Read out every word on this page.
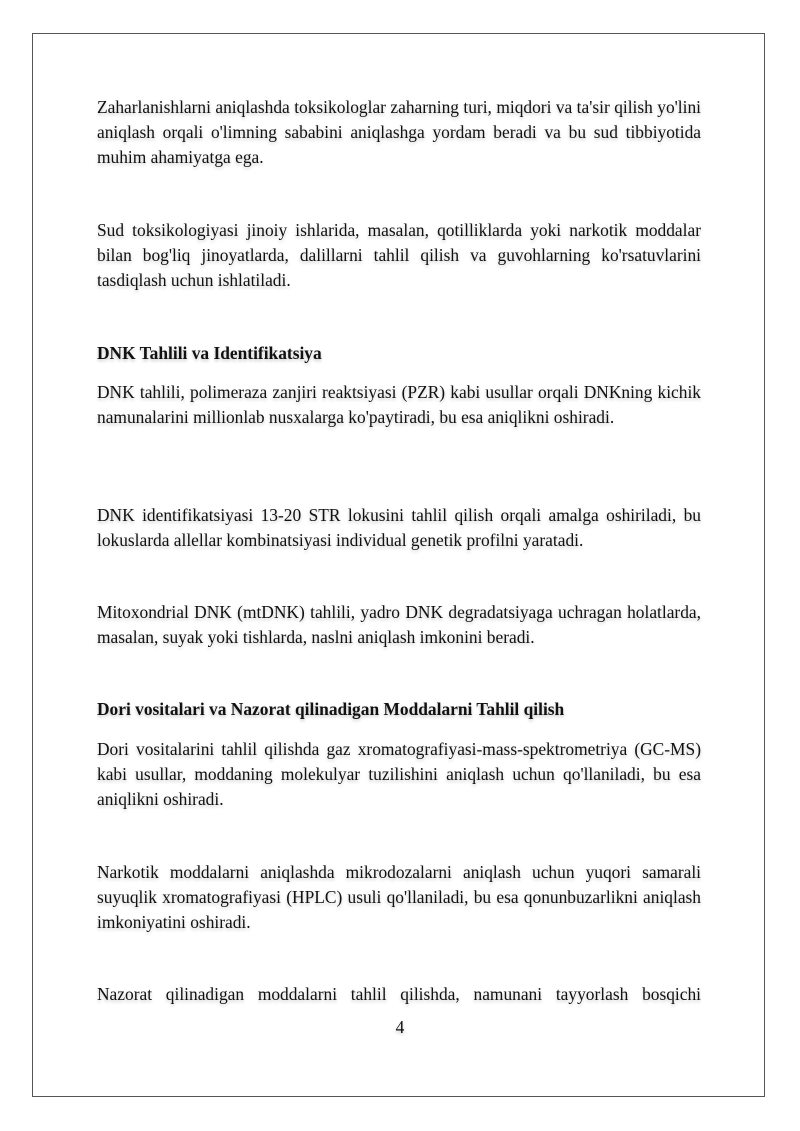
Zaharlanishlarni aniqlashda toksikologlar zaharning turi, miqdori va ta'sir qilish yo'lini aniqlash orqali o'limning sababini aniqlashga yordam beradi va bu sud tibbiyotida muhim ahamiyatga ega.

Sud toksikologiyasi jinoiy ishlarida, masalan, qotilliklarda yoki narkotik moddalar bilan bog'liq jinoyatlarda, dalillarni tahlil qilish va guvohlarning ko'rsatuvlarini tasdiqlash uchun ishlatiladi.

DNK Tahlili va Identifikatsiya

DNK tahlili, polimeraza zanjiri reaktsiyasi (PZR) kabi usullar orqali DNKning kichik namunalarini millionlab nusxalarga ko'paytiradi, bu esa aniqlikni oshiradi.

DNK identifikatsiyasi 13-20 STR lokusini tahlil qilish orqali amalga oshiriladi, bu lokuslarda allellar kombinatsiyasi individual genetik profilni yaratadi.

Mitoxondrial DNK (mtDNK) tahlili, yadro DNK degradatsiyaga uchragan holatlarda, masalan, suyak yoki tishlarda, naslni aniqlash imkonini beradi.

Dori vositalari va Nazorat qilinadigan Moddalarni Tahlil qilish

Dori vositalarini tahlil qilishda gaz xromatografiyasi-mass-spektrometriya (GC-MS) kabi usullar, moddaning molekulyar tuzilishini aniqlash uchun qo'llaniladi, bu esa aniqlikni oshiradi.

Narkotik moddalarni aniqlashda mikrodozalarni aniqlash uchun yuqori samarali suyuqlik xromatografiyasi (HPLC) usuli qo'llaniladi, bu esa qonunbuzarlikni aniqlash imkoniyatini oshiradi.

Nazorat qilinadigan moddalarni tahlil qilishda, namunani tayyorlash bosqichi

4
